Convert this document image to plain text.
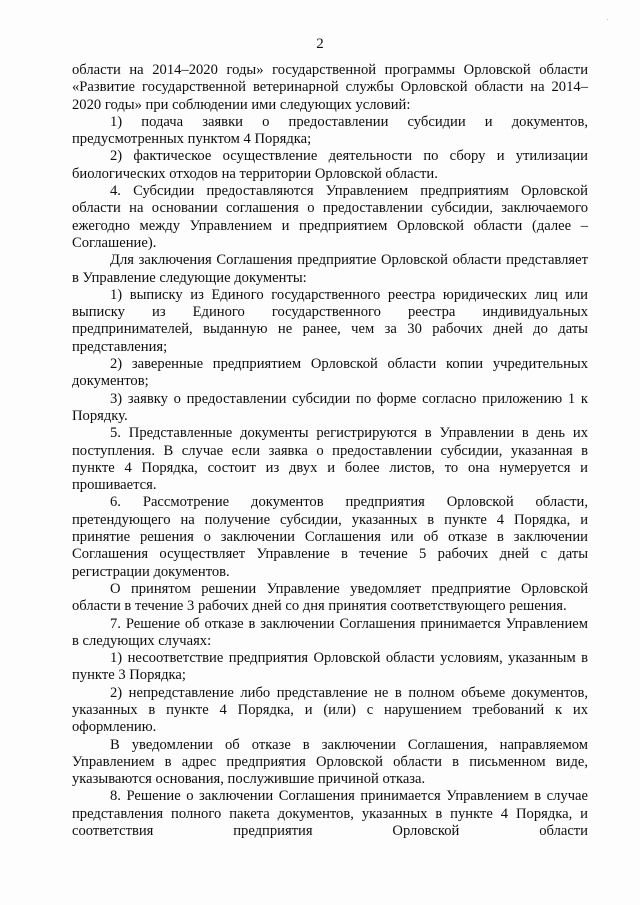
2
·

области на 2014–2020 годы» государственной программы Орловской области «Развитие государственной ветеринарной службы Орловской области на 2014–2020 годы» при соблюдении ими следующих условий:

1) подача заявки о предоставлении субсидии и документов, предусмотренных пунктом 4 Порядка;

2) фактическое осуществление деятельности по сбору и утилизации биологических отходов на территории Орловской области.

4. Субсидии предоставляются Управлением предприятиям Орловской области на основании соглашения о предоставлении субсидии, заключаемого ежегодно между Управлением и предприятием Орловской области (далее – Соглашение).

Для заключения Соглашения предприятие Орловской области представляет в Управление следующие документы:

1) выписку из Единого государственного реестра юридических лиц или выписку из Единого государственного реестра индивидуальных предпринимателей, выданную не ранее, чем за 30 рабочих дней до даты представления;

2) заверенные предприятием Орловской области копии учредительных документов;

3) заявку о предоставлении субсидии по форме согласно приложению 1 к Порядку.

5. Представленные документы регистрируются в Управлении в день их поступления. В случае если заявка о предоставлении субсидии, указанная в пункте 4 Порядка, состоит из двух и более листов, то она нумеруется и прошивается.

6. Рассмотрение документов предприятия Орловской области, претендующего на получение субсидии, указанных в пункте 4 Порядка, и принятие решения о заключении Соглашения или об отказе в заключении Соглашения осуществляет Управление в течение 5 рабочих дней с даты регистрации документов.

О принятом решении Управление уведомляет предприятие Орловской области в течение 3 рабочих дней со дня принятия соответствующего решения.

7. Решение об отказе в заключении Соглашения принимается Управлением в следующих случаях:

1) несоответствие предприятия Орловской области условиям, указанным в пункте 3 Порядка;

2) непредставление либо представление не в полном объеме документов, указанных в пункте 4 Порядка, и (или) с нарушением требований к их оформлению.

В уведомлении об отказе в заключении Соглашения, направляемом Управлением в адрес предприятия Орловской области в письменном виде, указываются основания, послужившие причиной отказа.

8. Решение о заключении Соглашения принимается Управлением в случае представления полного пакета документов, указанных в пункте 4 Порядка, и соответствия предприятия Орловской области
